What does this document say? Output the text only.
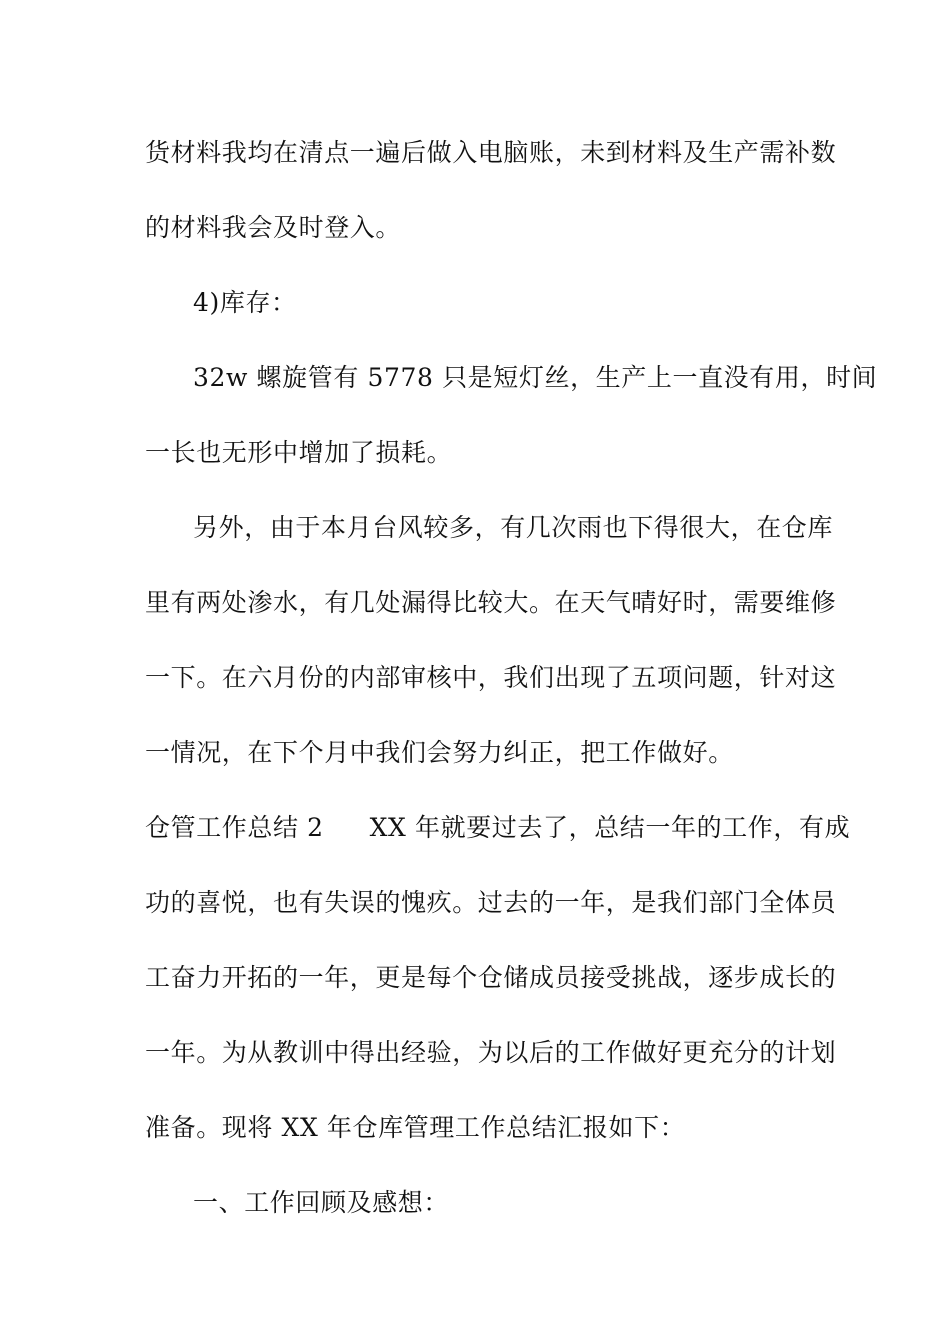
货材料我均在清点一遍后做入电脑账，未到材料及生产需补数
的材料我会及时登入。
4)库存：
32w 螺旋管有 5778 只是短灯丝，生产上一直没有用，时间
一长也无形中增加了损耗。
另外，由于本月台风较多，有几次雨也下得很大，在仓库
里有两处渗水，有几处漏得比较大。在天气晴好时，需要维修
一下。在六月份的内部审核中，我们出现了五项问题，针对这
一情况，在下个月中我们会努力纠正，把工作做好。
仓管工作总结 2 XX 年就要过去了，总结一年的工作，有成
功的喜悦，也有失误的愧疚。过去的一年，是我们部门全体员
工奋力开拓的一年，更是每个仓储成员接受挑战，逐步成长的
一年。为从教训中得出经验，为以后的工作做好更充分的计划
准备。现将 XX 年仓库管理工作总结汇报如下：
一、工作回顾及感想：
